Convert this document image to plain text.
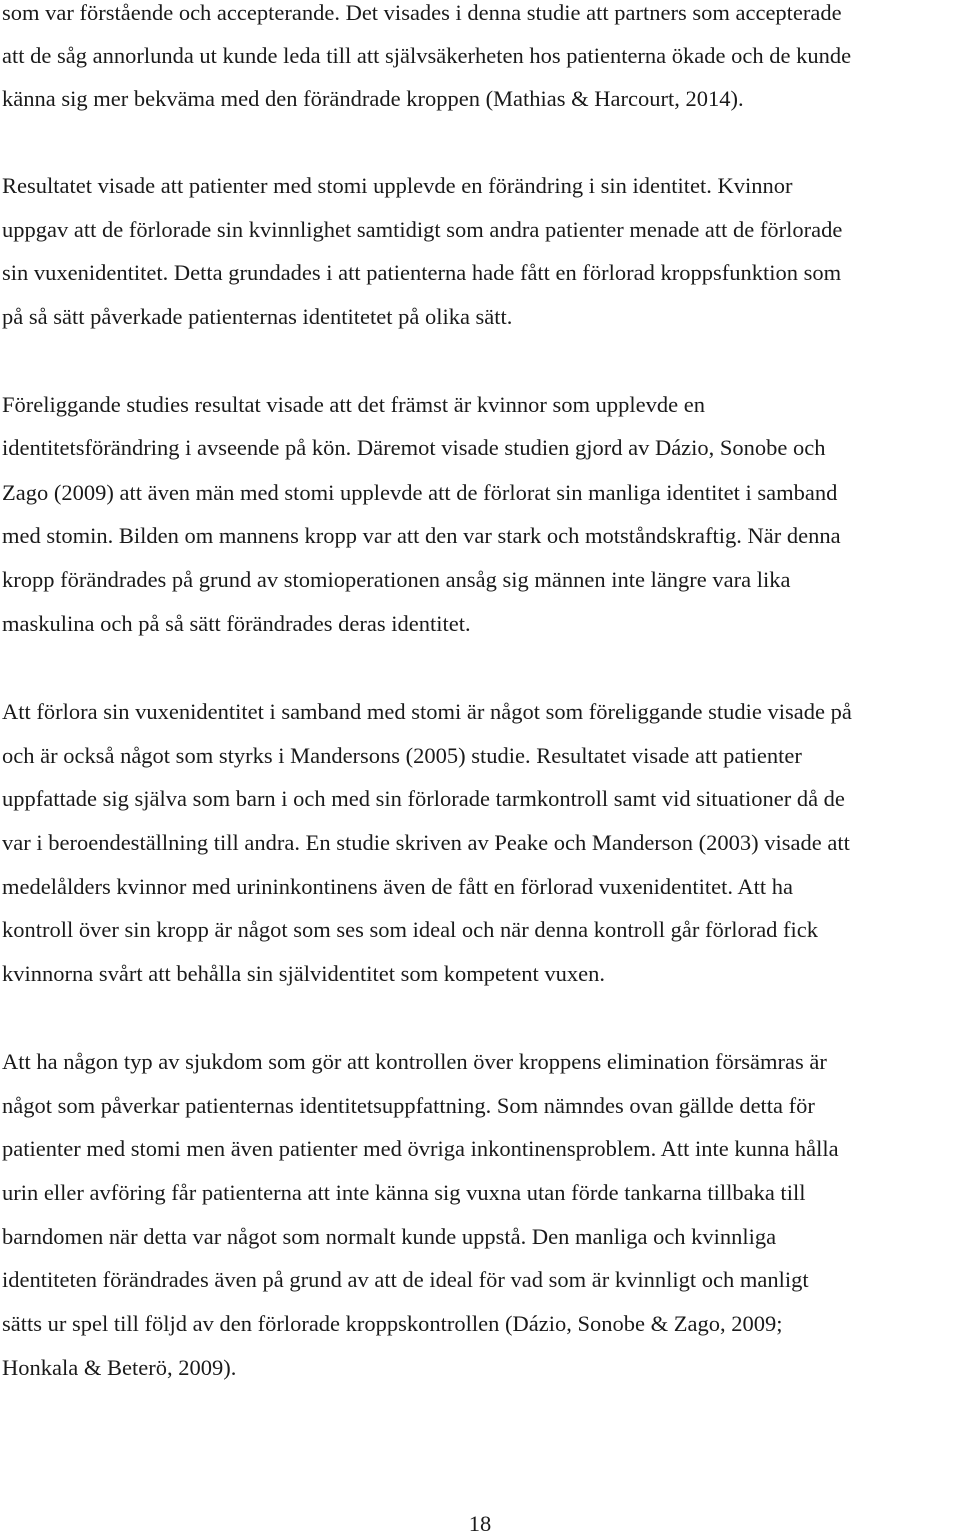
som var förstående och accepterande. Det visades i denna studie att partners som accepterade

att de såg annorlunda ut kunde leda till att självsäkerheten hos patienterna ökade och de kunde

känna sig mer bekväma med den förändrade kroppen (Mathias & Harcourt, 2014).

Resultatet visade att patienter med stomi upplevde en förändring i sin identitet. Kvinnor

uppgav att de förlorade sin kvinnlighet samtidigt som andra patienter menade att de förlorade

sin vuxenidentitet. Detta grundades i att patienterna hade fått en förlorad kroppsfunktion som

på så sätt påverkade patienternas identitetet på olika sätt.

Föreliggande studies resultat visade att det främst är kvinnor som upplevde en

identitetsförändring i avseende på kön. Däremot visade studien gjord av Dázio, Sonobe och

Zago (2009) att även män med stomi upplevde att de förlorat sin manliga identitet i samband

med stomin. Bilden om mannens kropp var att den var stark och motståndskraftig. När denna

kropp förändrades på grund av stomioperationen ansåg sig männen inte längre vara lika

maskulina och på så sätt förändrades deras identitet.

Att förlora sin vuxenidentitet i samband med stomi är något som föreliggande studie visade på

och är också något som styrks i Mandersons (2005) studie. Resultatet visade att patienter

uppfattade sig själva som barn i och med sin förlorade tarmkontroll samt vid situationer då de

var i beroendeställning till andra. En studie skriven av Peake och Manderson (2003) visade att

medelålders kvinnor med urininkontinens även de fått en förlorad vuxenidentitet. Att ha

kontroll över sin kropp är något som ses som ideal och när denna kontroll går förlorad fick

kvinnorna svårt att behålla sin självidentitet som kompetent vuxen.

Att ha någon typ av sjukdom som gör att kontrollen över kroppens elimination försämras är

något som påverkar patienternas identitetsuppfattning. Som nämndes ovan gällde detta för

patienter med stomi men även patienter med övriga inkontinensproblem. Att inte kunna hålla

urin eller avföring får patienterna att inte känna sig vuxna utan förde tankarna tillbaka till

barndomen när detta var något som normalt kunde uppstå. Den manliga och kvinnliga

identiteten förändrades även på grund av att de ideal för vad som är kvinnligt och manligt

sätts ur spel till följd av den förlorade kroppskontrollen (Dázio, Sonobe & Zago, 2009;

Honkala & Beterö, 2009).

18
